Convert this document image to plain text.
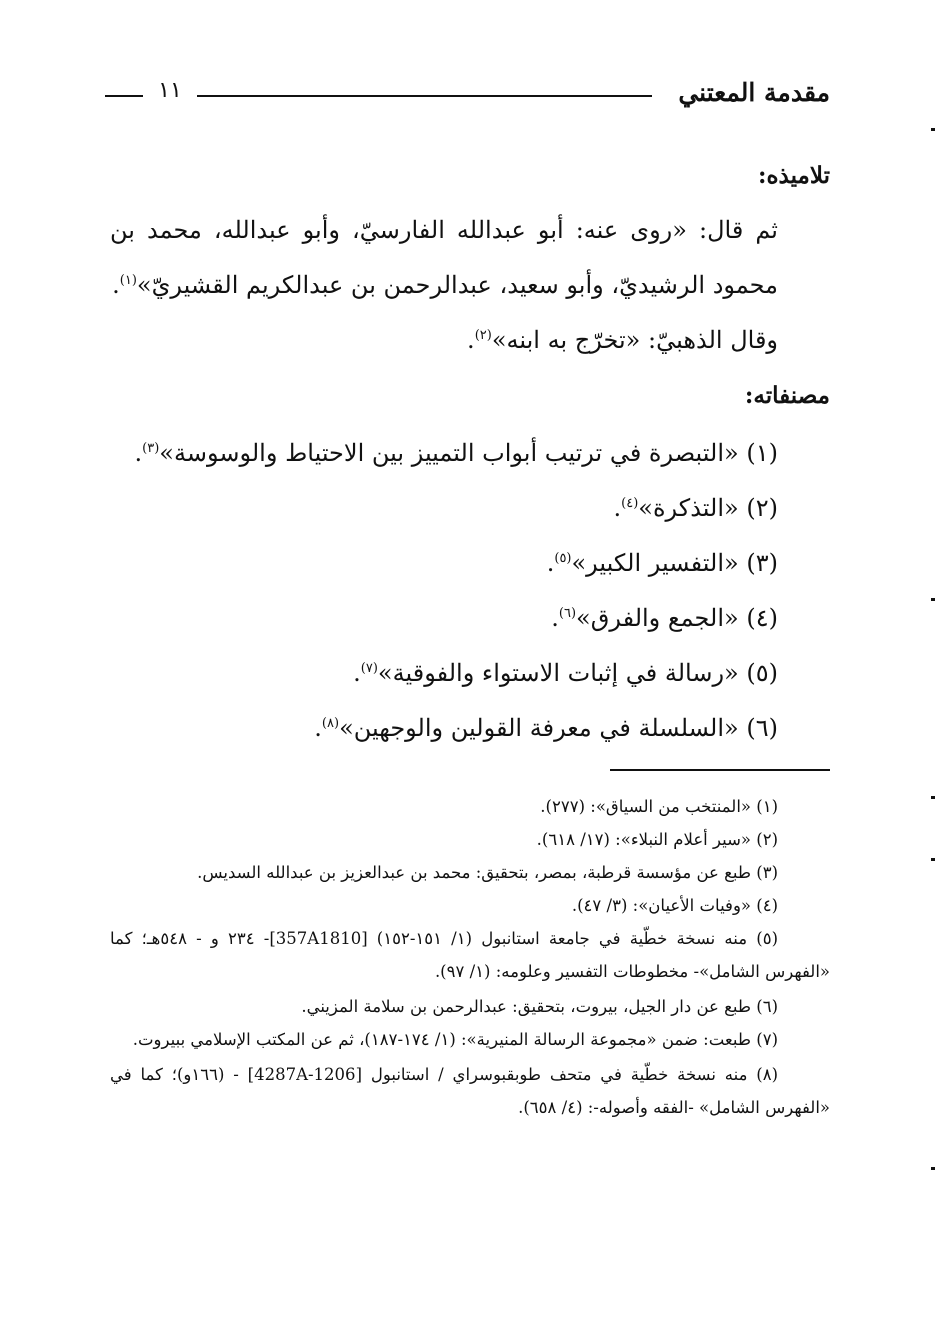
مقدمة المعتني
١١

تلاميذه:

ثم قال: «روى عنه: أبو عبدالله الفارسيّ، وأبو عبدالله، محمد بن محمود الرشيديّ، وأبو سعيد، عبدالرحمن بن عبدالكريم القشيريّ»$^{(١)}$.

وقال الذهبيّ: «تخرّج به ابنه»$^{(٢)}$.

مصنفاته:

(١) «التبصرة في ترتيب أبواب التمييز بين الاحتياط والوسوسة»$^{(٣)}$.

(٢) «التذكرة»$^{(٤)}$.

(٣) «التفسير الكبير»$^{(٥)}$.

(٤) «الجمع والفرق»$^{(٦)}$.

(٥) «رسالة في إثبات الاستواء والفوقية»$^{(٧)}$.

(٦) «السلسلة في معرفة القولين والوجهين»$^{(٨)}$.

(١) «المنتخب من السياق»: (٢٧٧).

(٢) «سير أعلام النبلاء»: (١٧/ ٦١٨).

(٣) طبع عن مؤسسة قرطبة، بمصر، بتحقيق: محمد بن عبدالعزيز بن عبدالله السديس.

(٤) «وفيات الأعيان»: (٣/ ٤٧).

(٥) منه نسخة خطّية في جامعة استانبول (١/ ١٥١-١٥٢) [357A1810]- ٢٣٤ و - ٥٤٨هـ؛ كما «الفهرس الشامل»- مخطوطات التفسير وعلومه: (١/ ٩٧).

(٦) طبع عن دار الجيل، بيروت، بتحقيق: عبدالرحمن بن سلامة المزيني.

(٧) طبعت: ضمن «مجموعة الرسالة المنيرية»: (١/ ١٧٤-١٨٧)، ثم عن المكتب الإسلامي ببيروت.

(٨) منه نسخة خطّية في متحف طوبقبوسراي / استانبول [4287A-1206] - (١٦٦و)؛ كما في «الفهرس الشامل» -الفقه وأصوله-: (٤/ ٦٥٨).
